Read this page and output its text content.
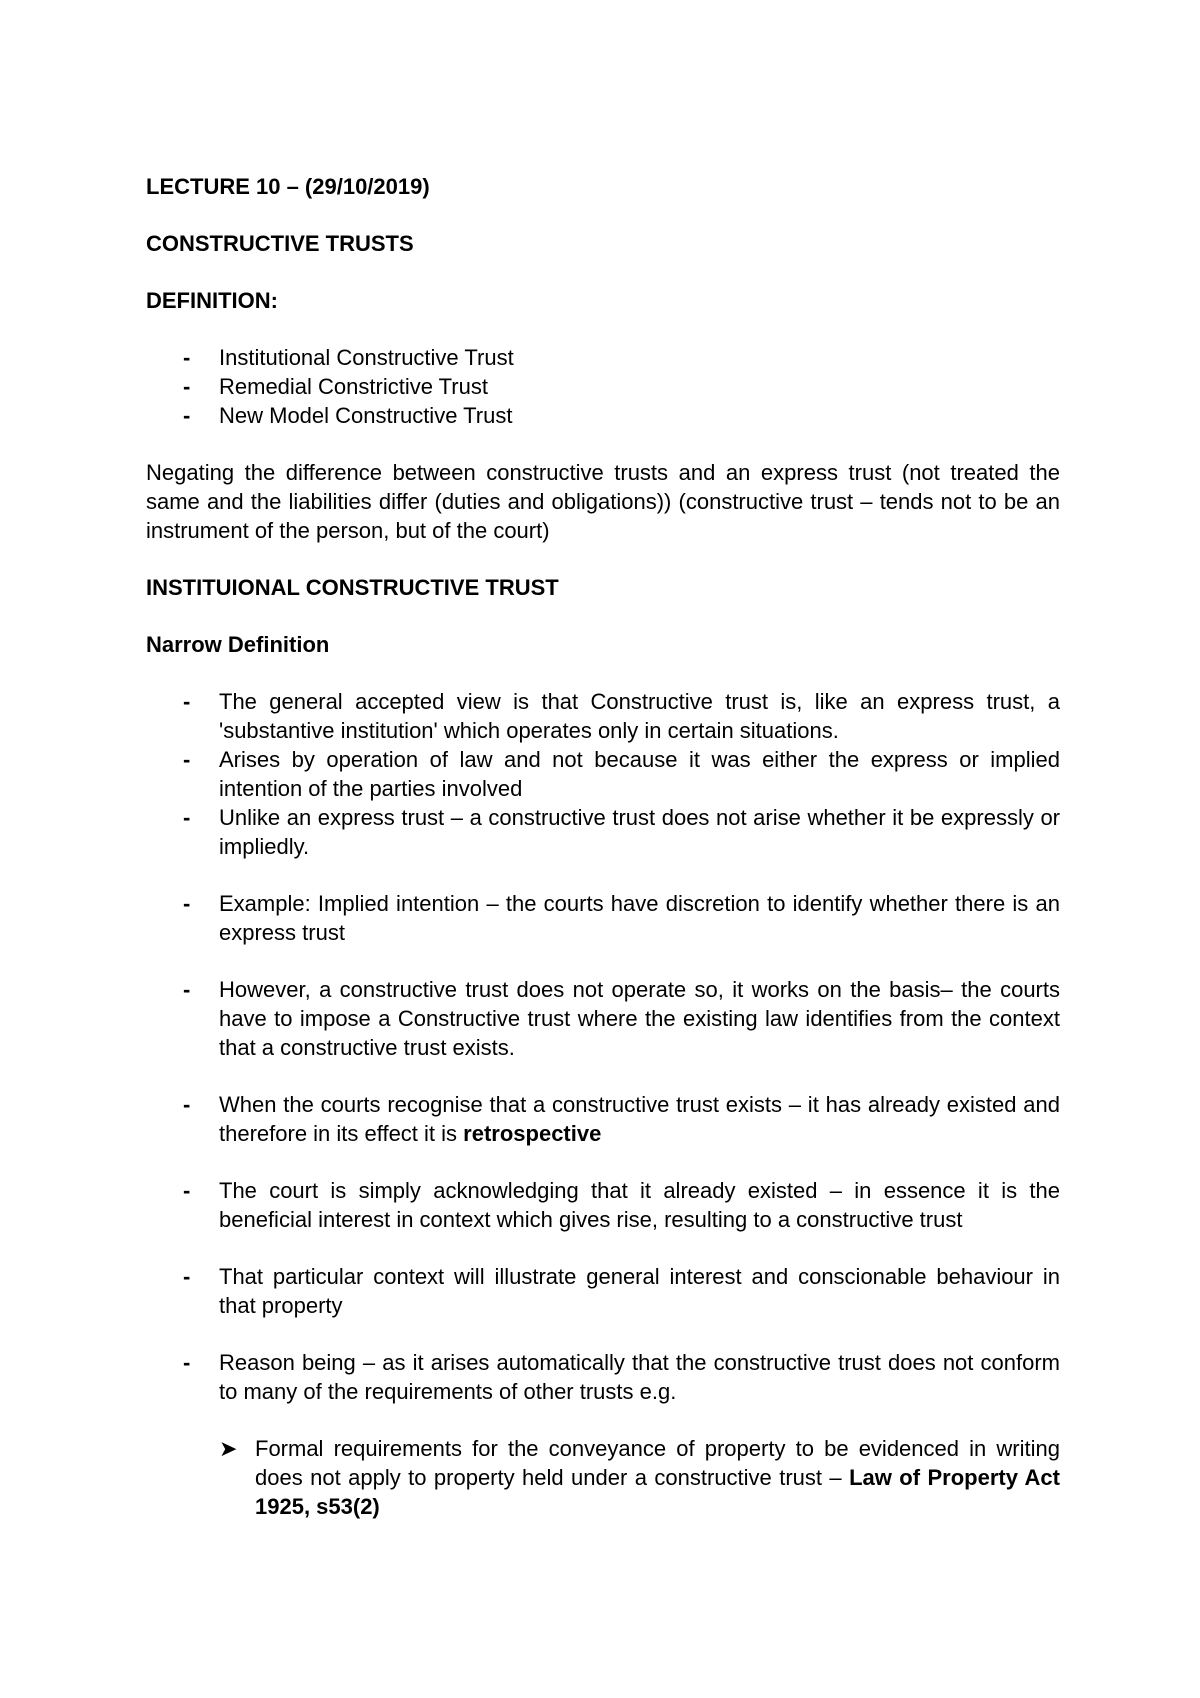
LECTURE 10 – (29/10/2019)

CONSTRUCTIVE TRUSTS

DEFINITION:

- Institutional Constructive Trust
- Remedial Constrictive Trust
- New Model Constructive Trust

Negating the difference between constructive trusts and an express trust (not treated the same and the liabilities differ (duties and obligations)) (constructive trust – tends not to be an instrument of the person, but of the court)

INSTITUIONAL CONSTRUCTIVE TRUST

Narrow Definition

- The general accepted view is that Constructive trust is, like an express trust, a 'substantive institution' which operates only in certain situations.
- Arises by operation of law and not because it was either the express or implied intention of the parties involved
- Unlike an express trust – a constructive trust does not arise whether it be expressly or impliedly.
- Example: Implied intention – the courts have discretion to identify whether there is an express trust
- However, a constructive trust does not operate so, it works on the basis– the courts have to impose a Constructive trust where the existing law identifies from the context that a constructive trust exists.
- When the courts recognise that a constructive trust exists – it has already existed and therefore in its effect it is retrospective
- The court is simply acknowledging that it already existed – in essence it is the beneficial interest in context which gives rise, resulting to a constructive trust
- That particular context will illustrate general interest and conscionable behaviour in that property
- Reason being – as it arises automatically that the constructive trust does not conform to many of the requirements of other trusts e.g.
➤ Formal requirements for the conveyance of property to be evidenced in writing does not apply to property held under a constructive trust – Law of Property Act 1925, s53(2)
